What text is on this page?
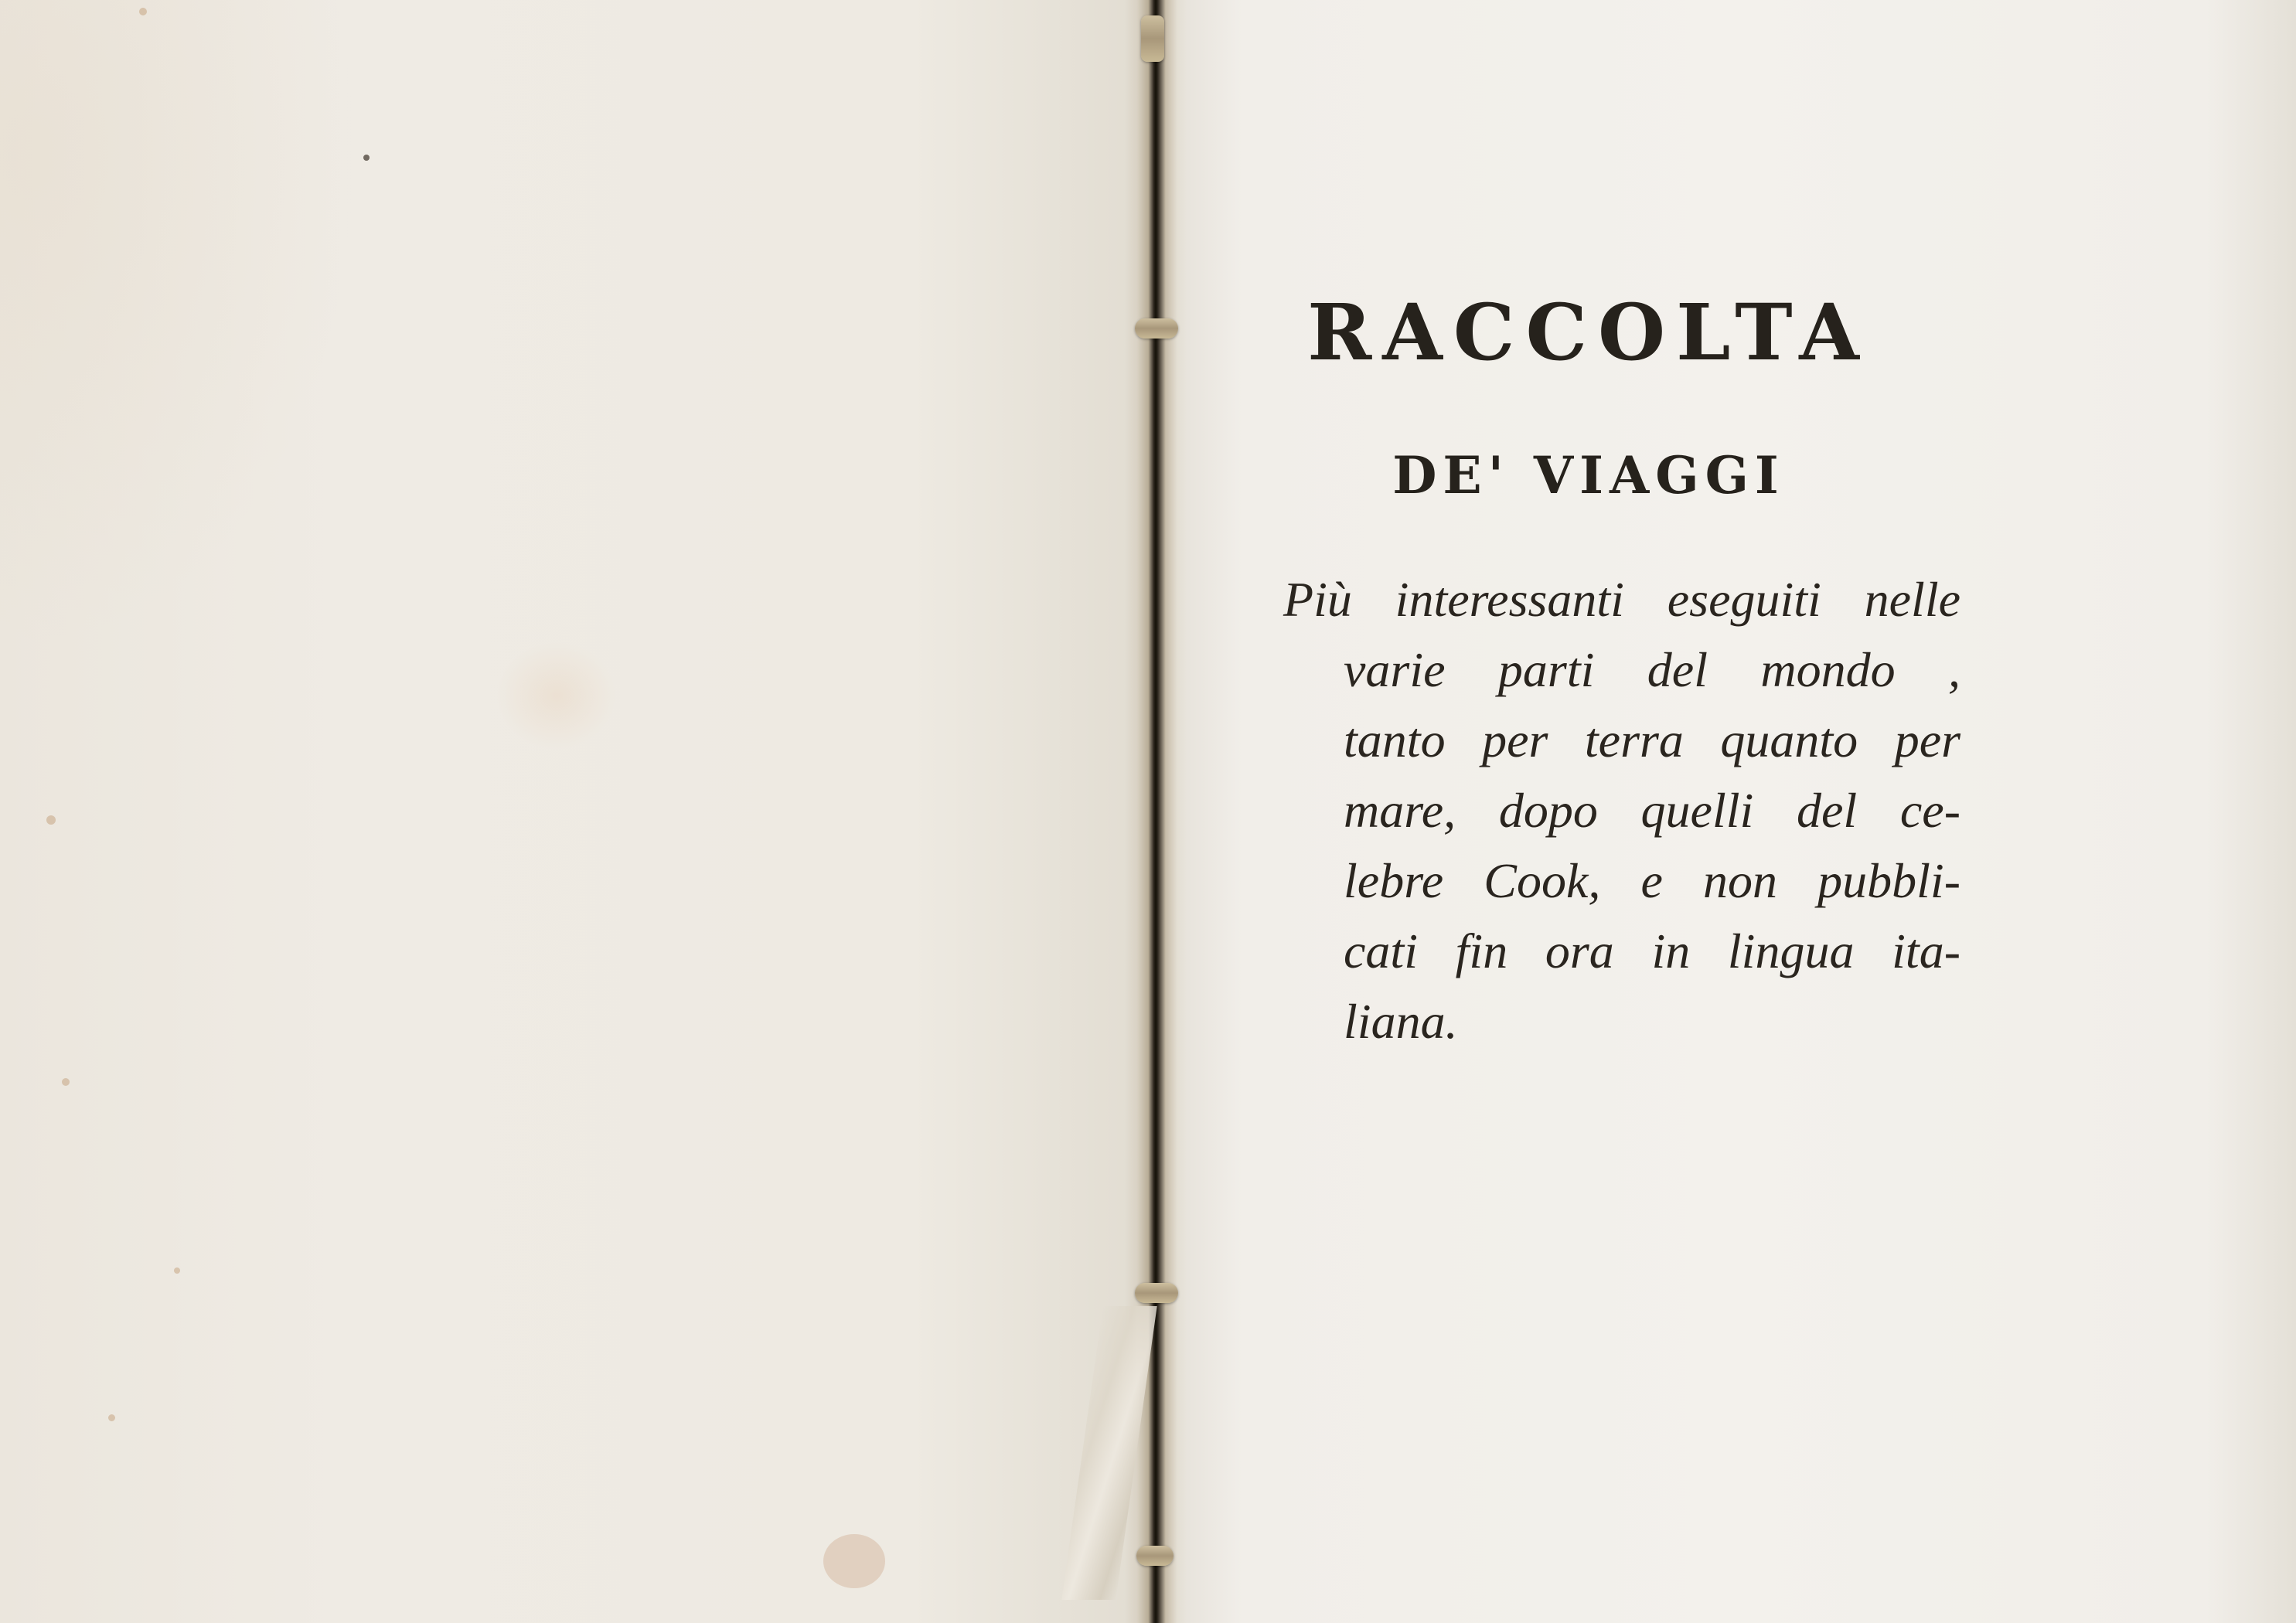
RACCOLTA
DE' VIAGGI
Più interessanti eseguiti nelle
varie parti del mondo ,
tanto per terra quanto per
mare, dopo quelli del ce-
lebre Cook, e non pubbli-
cati fin ora in lingua ita-
liana.
